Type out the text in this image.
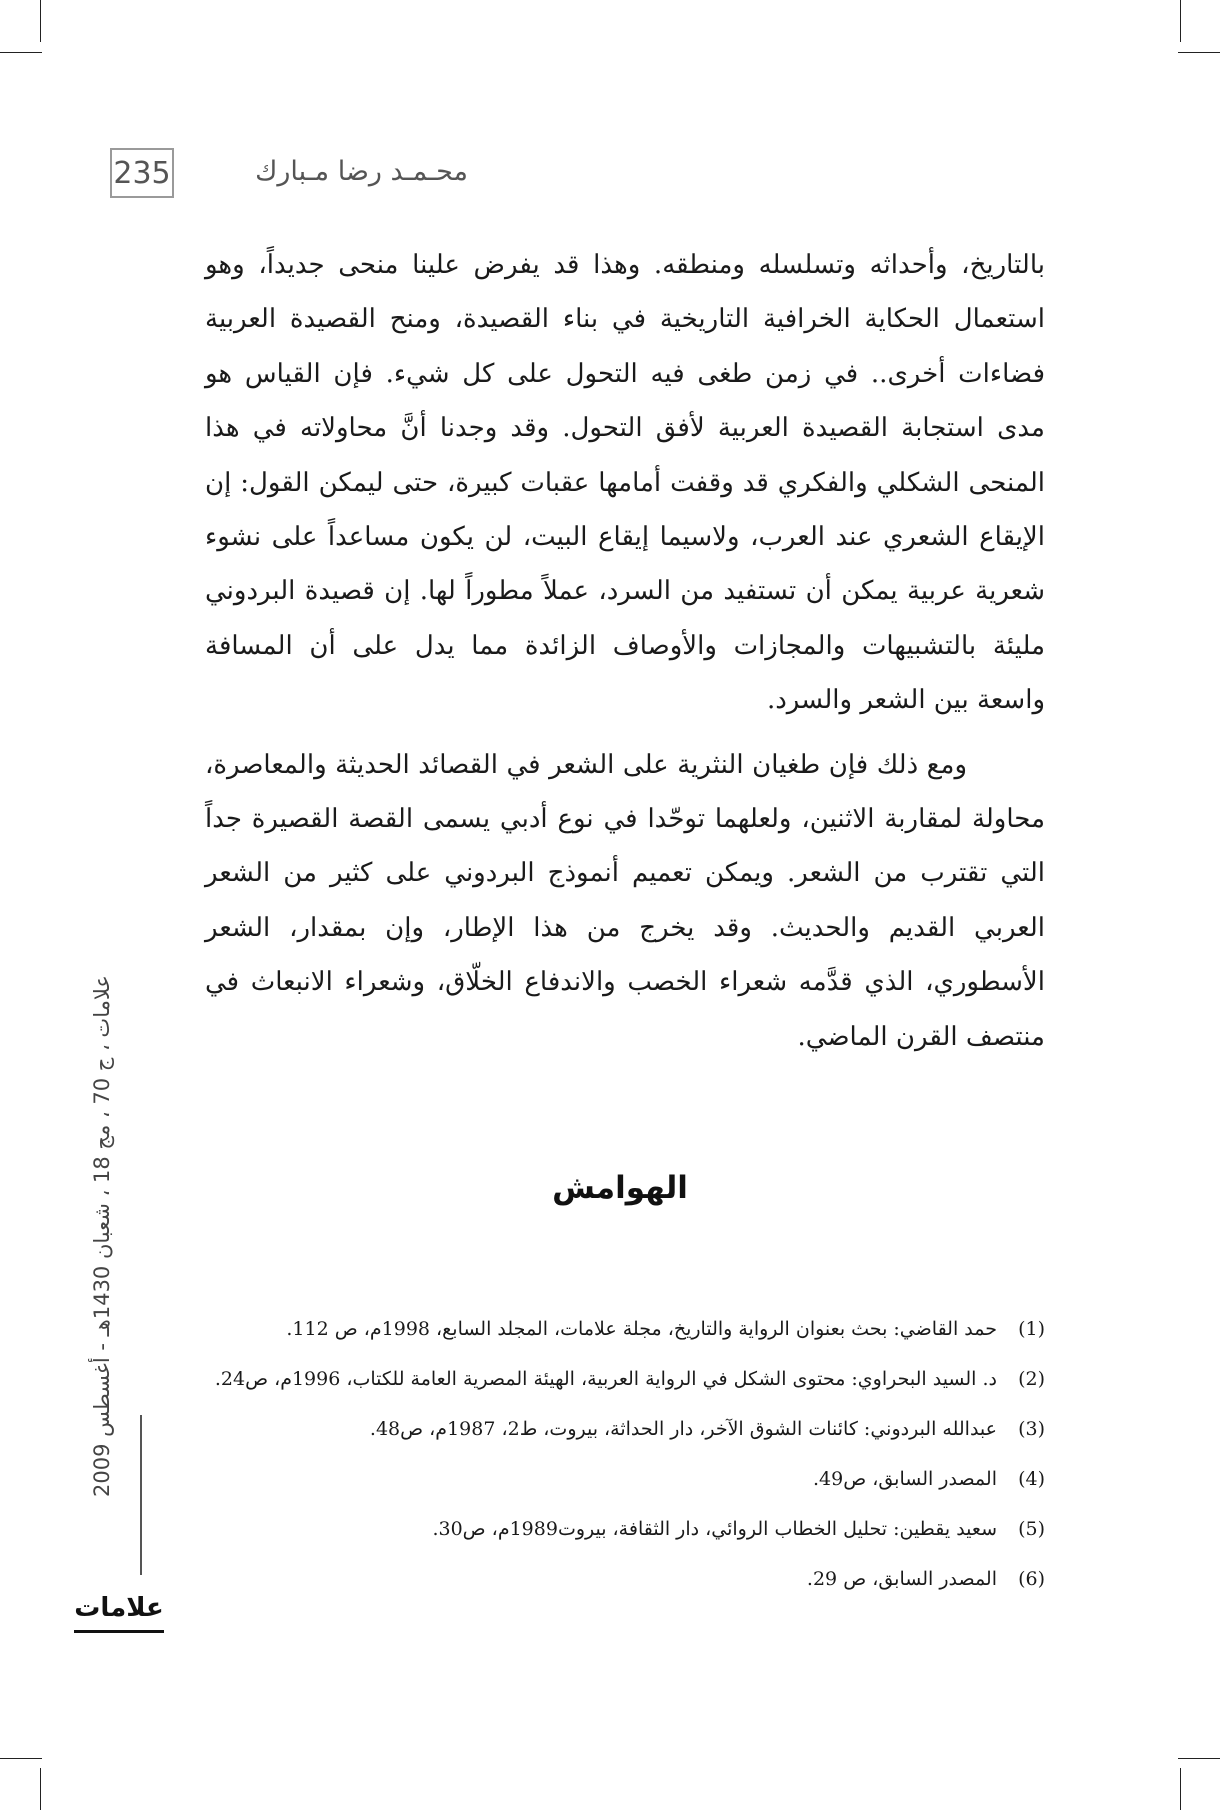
235	محـمـد رضا مـبارك

بالتاريخ، وأحداثه وتسلسله ومنطقه. وهذا قد يفرض علينا منحى جديداً، وهو استعمال الحكاية الخرافية التاريخية في بناء القصيدة، ومنح القصيدة العربية فضاءات أخرى.. في زمن طغى فيه التحول على كل شيء. فإن القياس هو مدى استجابة القصيدة العربية لأفق التحول. وقد وجدنا أنَّ محاولاته في هذا المنحى الشكلي والفكري قد وقفت أمامها عقبات كبيرة، حتى ليمكن القول: إن الإيقاع الشعري عند العرب، ولاسيما إيقاع البيت، لن يكون مساعداً على نشوء شعرية عربية يمكن أن تستفيد من السرد، عملاً مطوراً لها. إن قصيدة البردوني مليئة بالتشبيهات والمجازات والأوصاف الزائدة مما يدل على أن المسافة واسعة بين الشعر والسرد.

ومع ذلك فإن طغيان النثرية على الشعر في القصائد الحديثة والمعاصرة، محاولة لمقاربة الاثنين، ولعلهما توحّدا في نوع أدبي يسمى القصة القصيرة جداً التي تقترب من الشعر. ويمكن تعميم أنموذج البردوني على كثير من الشعر العربي القديم والحديث. وقد يخرج من هذا الإطار، وإن بمقدار، الشعر الأسطوري، الذي قدَّمه شعراء الخصب والاندفاع الخلّاق، وشعراء الانبعاث في منتصف القرن الماضي.

الهوامش
(1)
حمد القاضي: بحث بعنوان الرواية والتاريخ، مجلة علامات، المجلد السابع، 1998م، ص 112.
(2)
د. السيد البحراوي: محتوى الشكل في الرواية العربية، الهيئة المصرية العامة للكتاب، 1996م، ص24.
(3)
عبدالله البردوني: كائنات الشوق الآخر، دار الحداثة، بيروت، ط2، 1987م، ص48.
(4)
المصدر السابق، ص49.
(5)
سعيد يقطين: تحليل الخطاب الروائي، دار الثقافة، بيروت1989م، ص30.
(6)
المصدر السابق، ص 29.
علامات ، ج 70 ، مج 18 ، شعبان 1430هـ - أغسطس 2009
علامات
